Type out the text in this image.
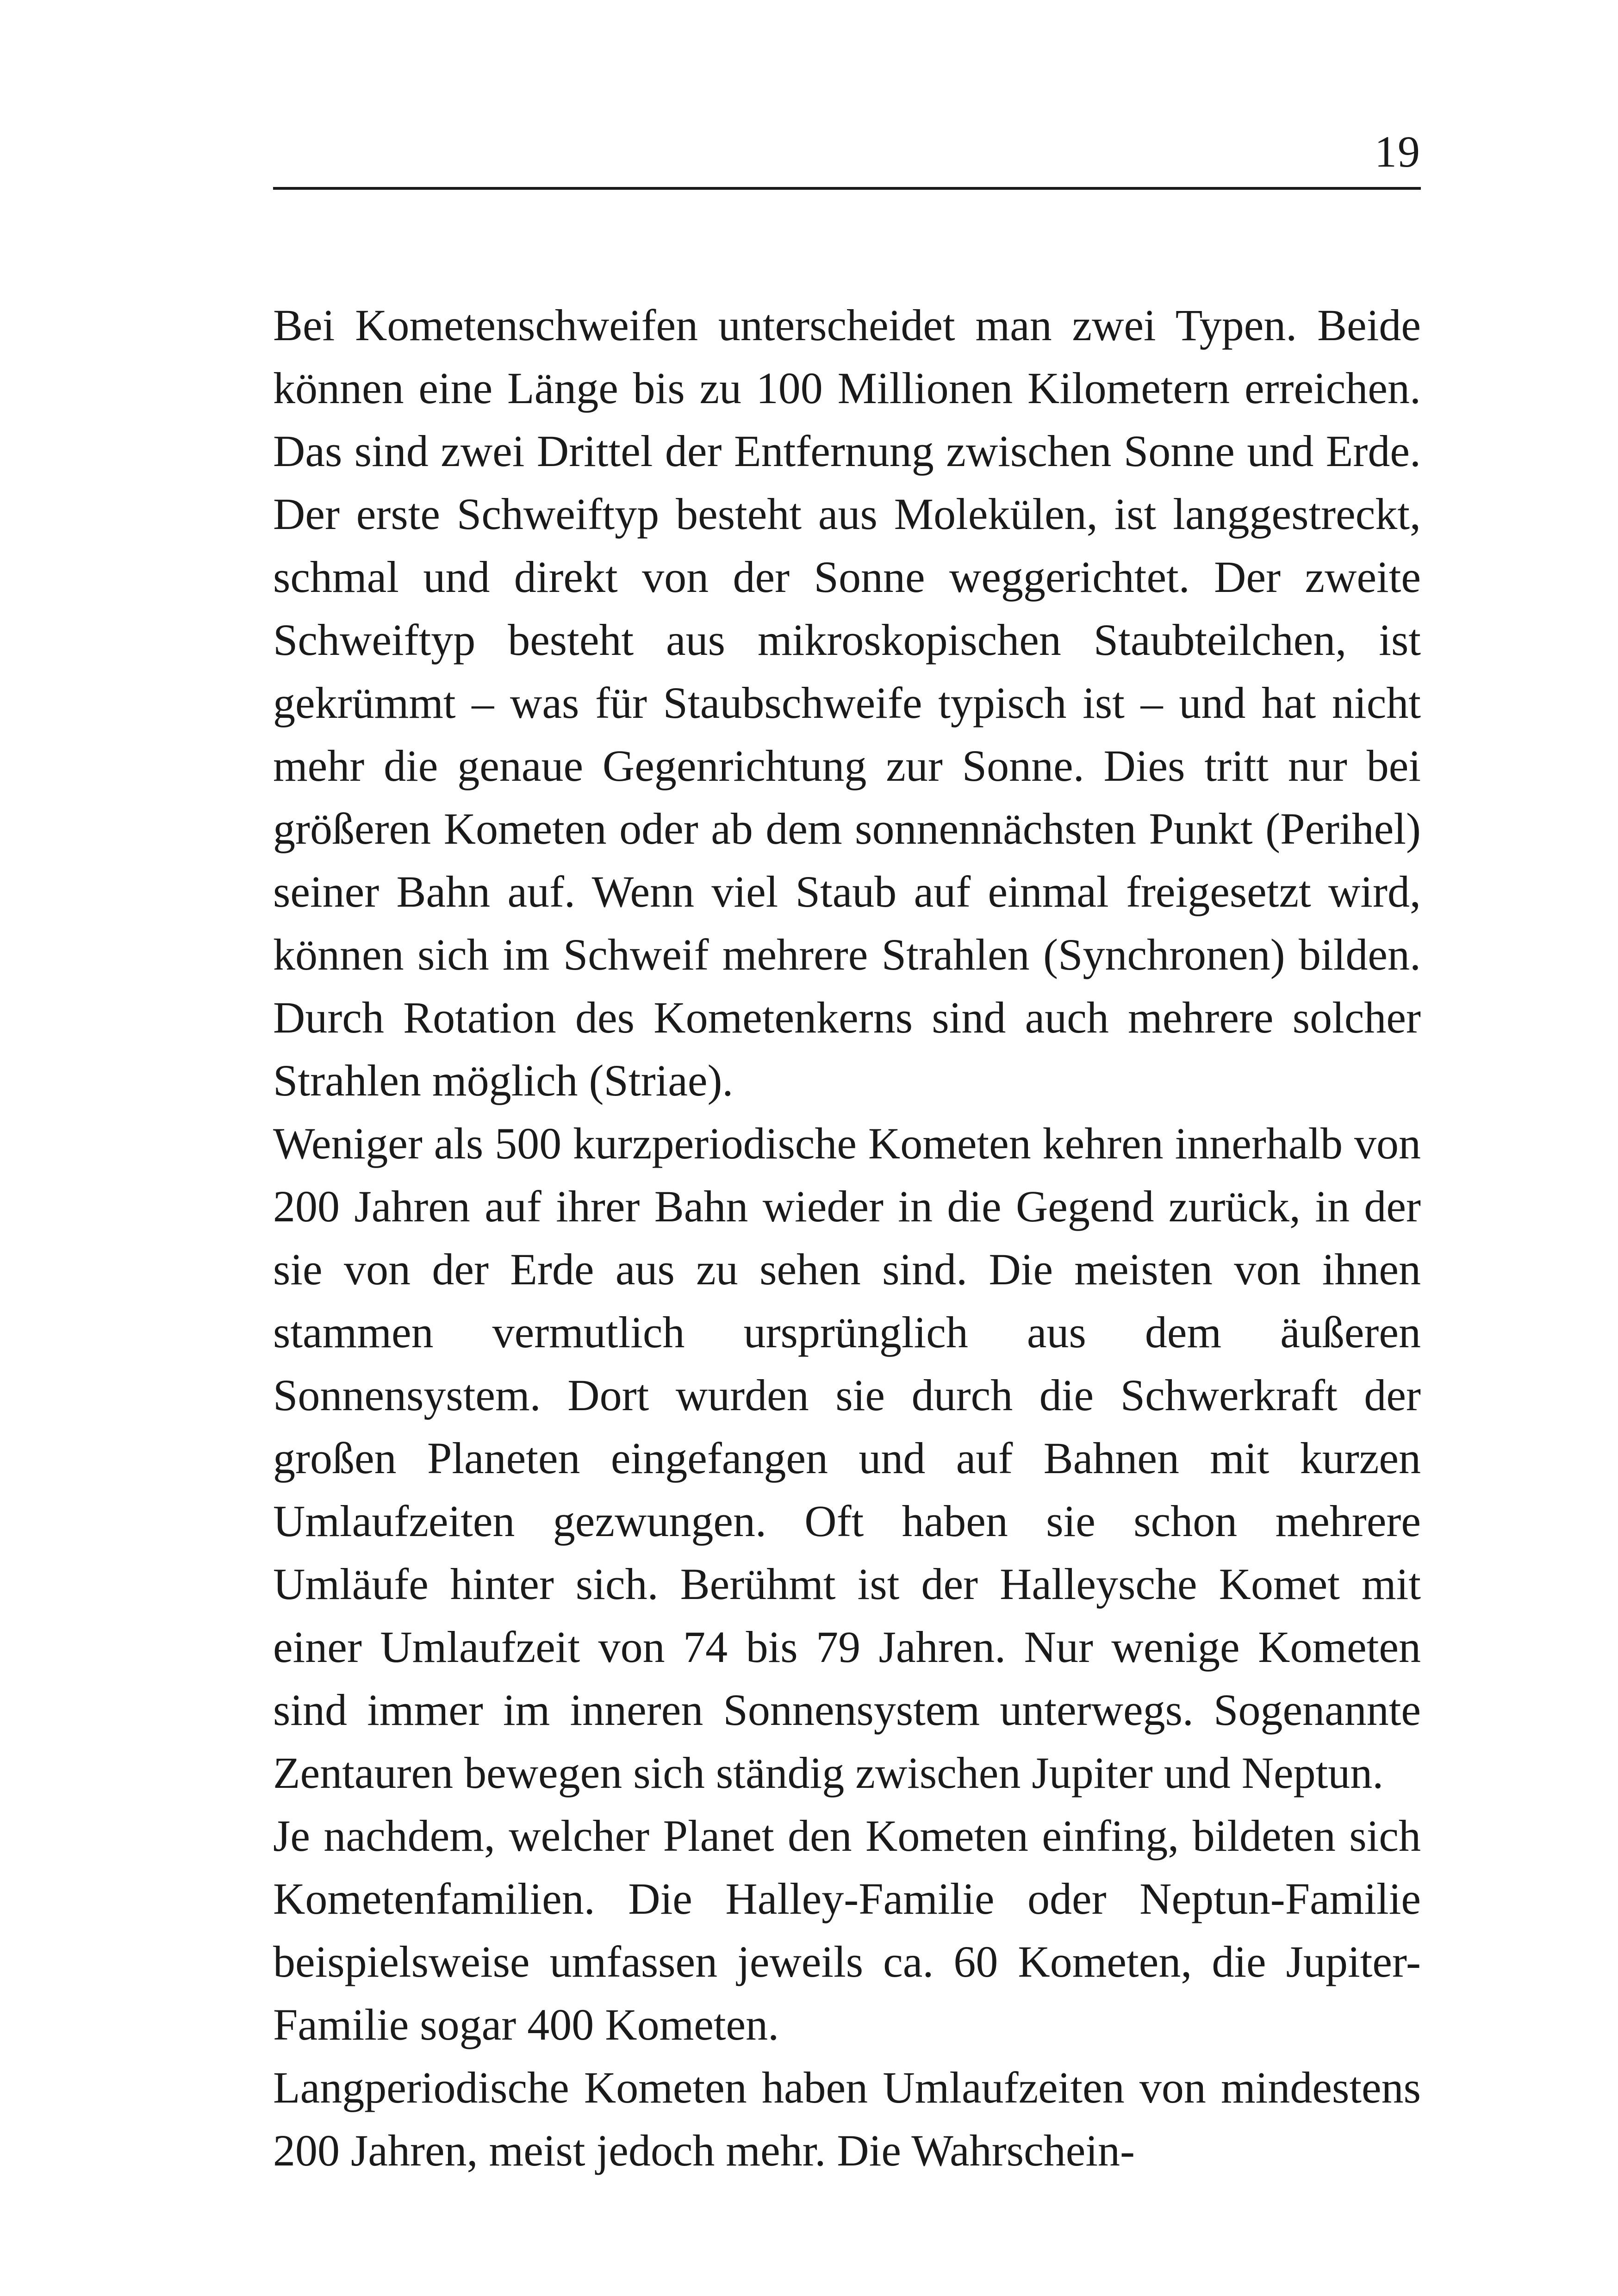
19

Bei Kometenschweifen unterscheidet man zwei Typen. Beide können eine Länge bis zu 100 Millionen Kilometern erreichen. Das sind zwei Drittel der Entfernung zwischen Sonne und Erde. Der erste Schweiftyp besteht aus Molekülen, ist langgestreckt, schmal und direkt von der Sonne weggerichtet. Der zweite Schweiftyp besteht aus mikroskopischen Staubteilchen, ist gekrümmt – was für Staubschweife typisch ist – und hat nicht mehr die genaue Gegenrichtung zur Sonne. Dies tritt nur bei größeren Kometen oder ab dem sonnennächsten Punkt (Perihel) seiner Bahn auf. Wenn viel Staub auf einmal freigesetzt wird, können sich im Schweif mehrere Strahlen (Synchronen) bilden. Durch Rotation des Kometenkerns sind auch mehrere solcher Strahlen möglich (Striae).

Weniger als 500 kurzperiodische Kometen kehren innerhalb von 200 Jahren auf ihrer Bahn wieder in die Gegend zurück, in der sie von der Erde aus zu sehen sind. Die meisten von ihnen stammen vermutlich ursprünglich aus dem äußeren Sonnensystem. Dort wurden sie durch die Schwerkraft der großen Planeten eingefangen und auf Bahnen mit kurzen Umlaufzeiten gezwungen. Oft haben sie schon mehrere Umläufe hinter sich. Berühmt ist der Halleysche Komet mit einer Umlaufzeit von 74 bis 79 Jahren. Nur wenige Kometen sind immer im inneren Sonnensystem unterwegs. Sogenannte Zentauren bewegen sich ständig zwischen Jupiter und Neptun.

Je nachdem, welcher Planet den Kometen einfing, bildeten sich Kometenfamilien. Die Halley-Familie oder Neptun-Familie beispielsweise umfassen jeweils ca. 60 Kometen, die Jupiter-Familie sogar 400 Kometen.

Langperiodische Kometen haben Umlaufzeiten von mindestens 200 Jahren, meist jedoch mehr. Die Wahrschein-
